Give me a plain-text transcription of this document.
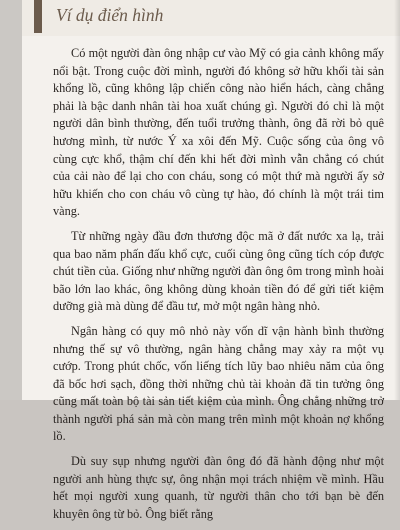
Ví dụ điển hình

Có một người đàn ông nhập cư vào Mỹ có gia cảnh không mấy nổi bật. Trong cuộc đời mình, người đó không sở hữu khối tài sản khổng lồ, cũng không lập chiến công nào hiển hách, càng chẳng phải là bậc danh nhân tài hoa xuất chúng gì. Người đó chỉ là một người dân bình thường, đến tuổi trưởng thành, ông đã rời bỏ quê hương mình, từ nước Ý xa xôi đến Mỹ. Cuộc sống của ông vô cùng cực khổ, thậm chí đến khi hết đời mình vẫn chẳng có chút của cải nào để lại cho con cháu, song có một thứ mà người ấy sở hữu khiến cho con cháu vô cùng tự hào, đó chính là một trái tim vàng.

Từ những ngày đầu đơn thương độc mã ở đất nước xa lạ, trải qua bao năm phấn đấu khổ cực, cuối cùng ông cũng tích cóp được chút tiền của. Giống như những người đàn ông ôm trong mình hoài bão lớn lao khác, ông không dùng khoản tiền đó để gửi tiết kiệm dưỡng già mà dùng để đầu tư, mở một ngân hàng nhỏ.

Ngân hàng có quy mô nhỏ này vốn dĩ vận hành bình thường nhưng thế sự vô thường, ngân hàng chẳng may xảy ra một vụ cướp. Trong phút chốc, vốn liếng tích lũy bao nhiêu năm của ông đã bốc hơi sạch, đồng thời những chủ tài khoản đã tin tưởng ông cũng mất toàn bộ tài sản tiết kiệm của mình. Ông chẳng những trở thành người phá sản mà còn mang trên mình một khoản nợ khổng lồ.

Dù suy sụp nhưng người đàn ông đó đã hành động như một người anh hùng thực sự, ông nhận mọi trách nhiệm về mình. Hầu hết mọi người xung quanh, từ người thân cho tới bạn bè đến khuyên ông từ bỏ. Ông biết rằng
